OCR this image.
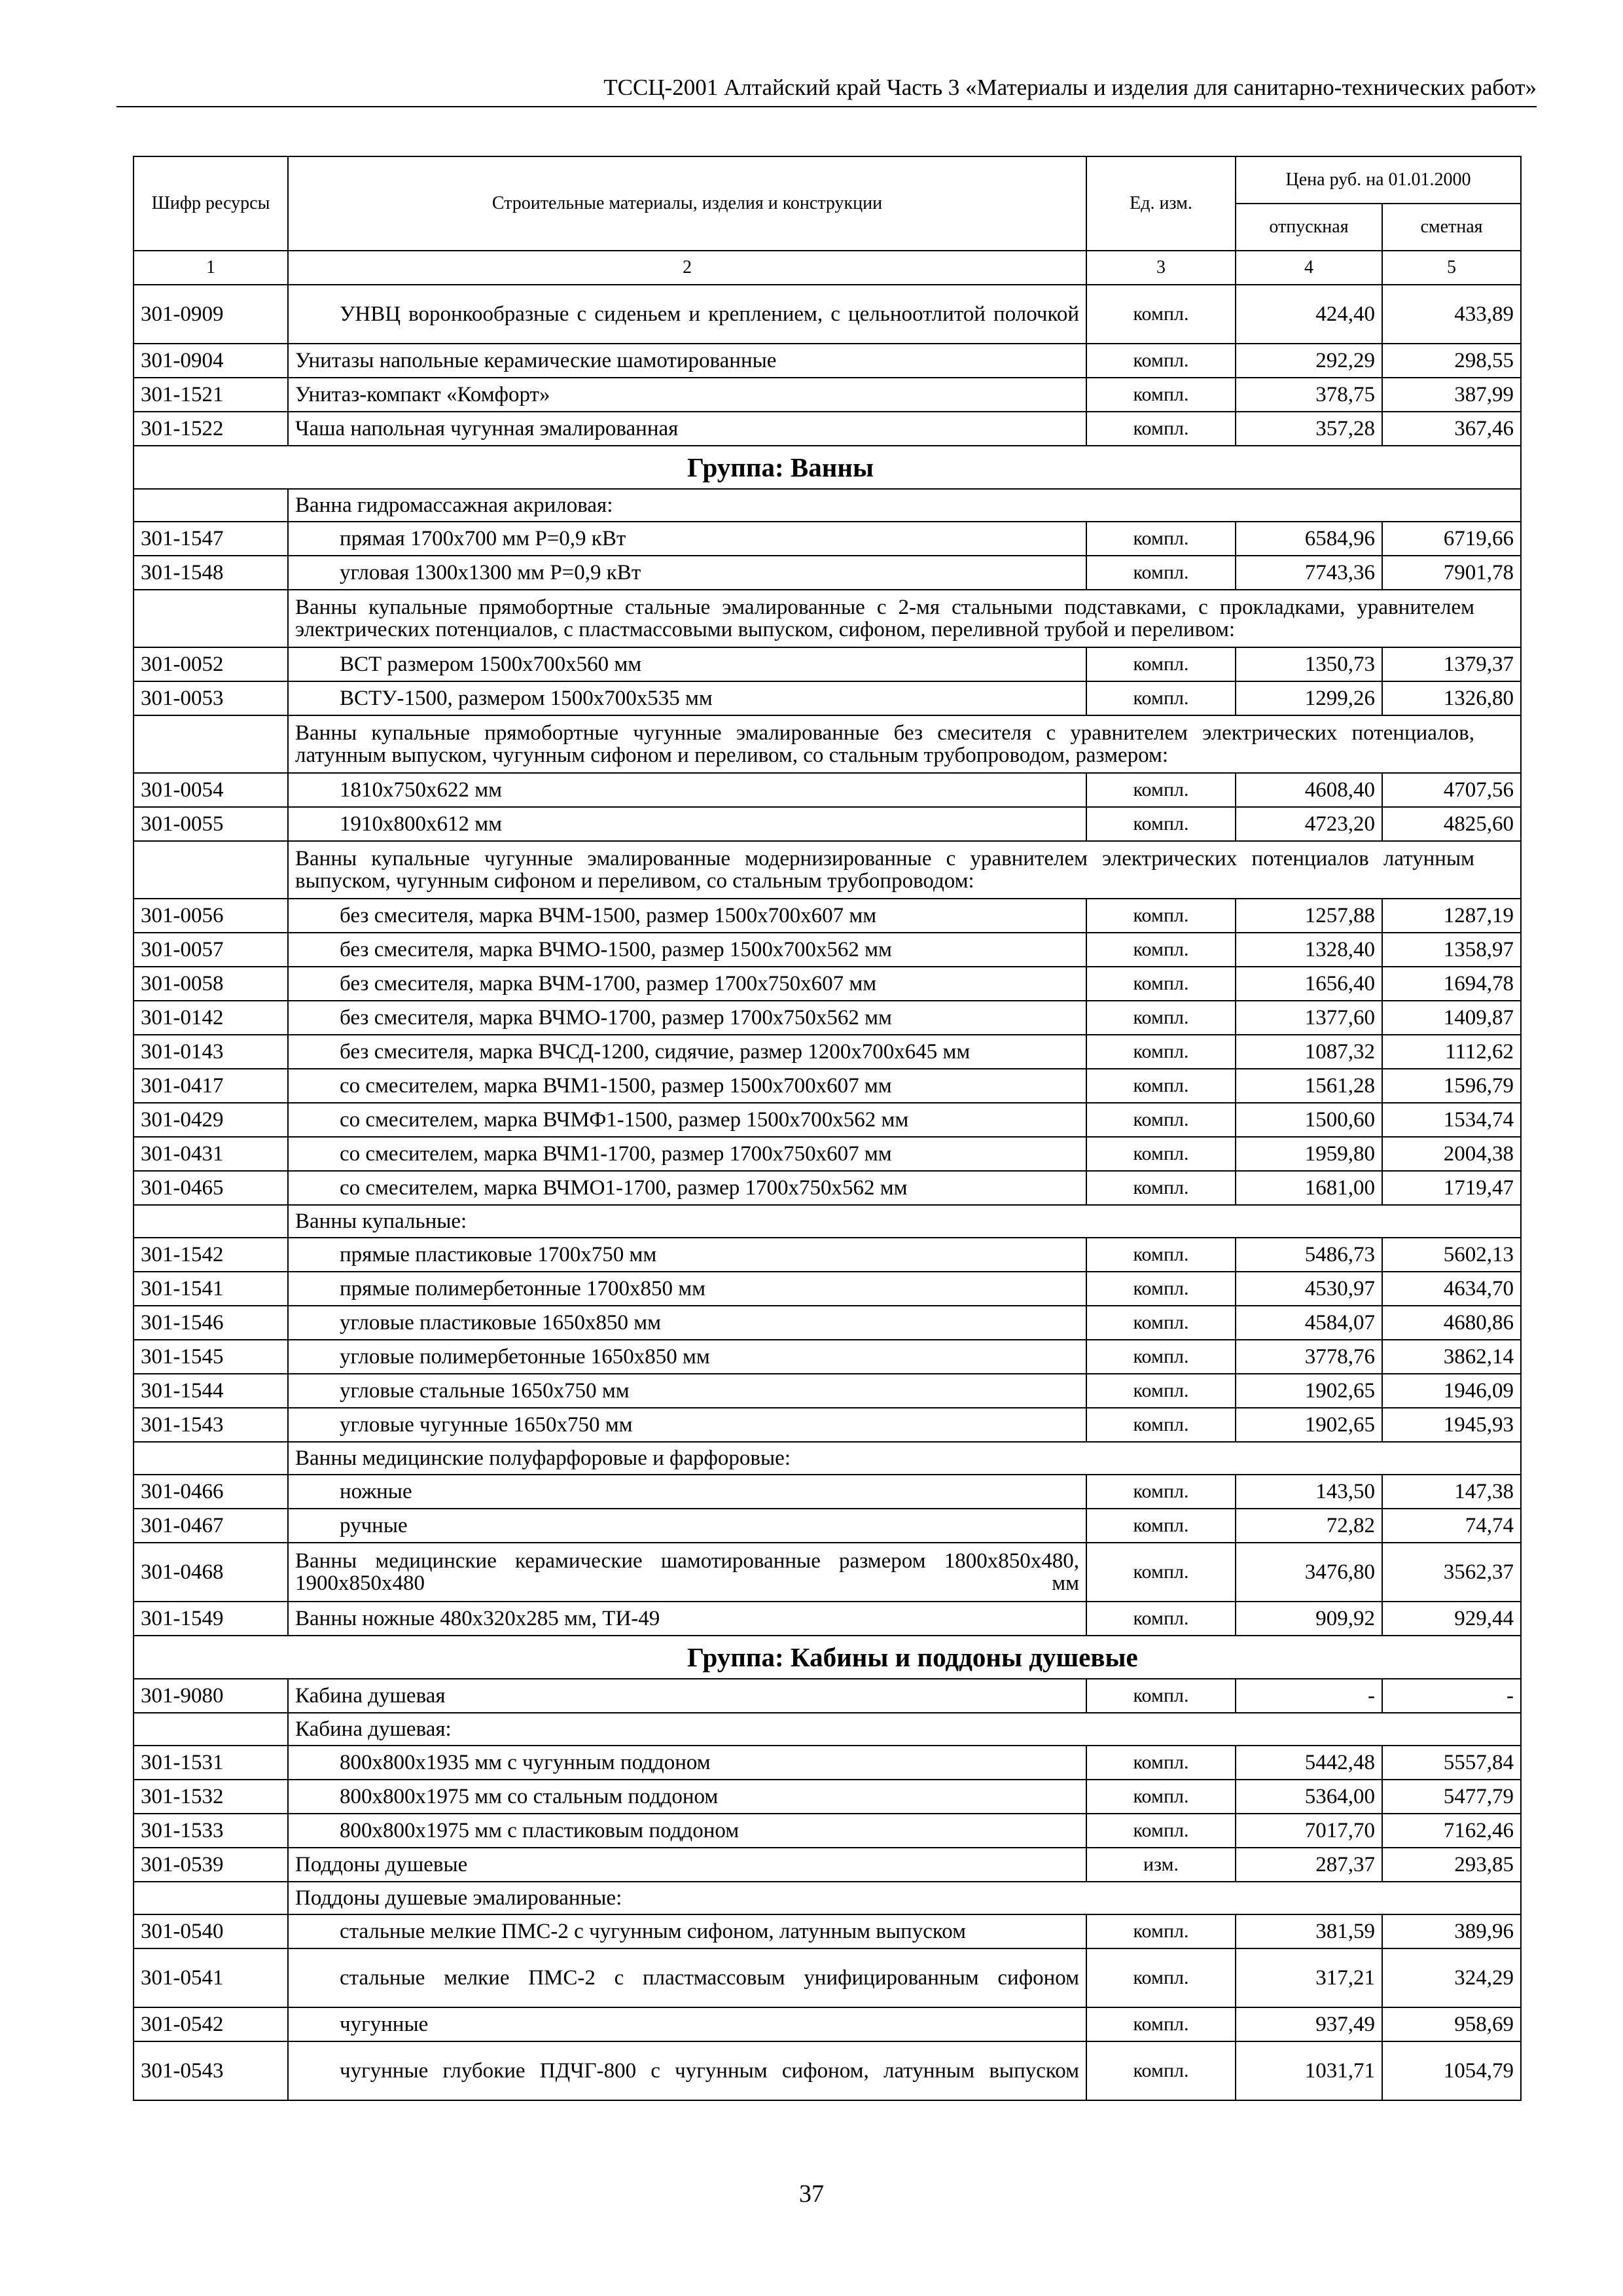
ТССЦ-2001 Алтайский край Часть 3 «Материалы и изделия для санитарно-технических работ»
Шифр ресурсы	Строительные материалы, изделия и конструкции	Ед. изм.	Цена руб. на 01.01.2000	
			отпускная	сметная
1	2	3	4	5
301-0909	УНВЦ воронкообразные с сиденьем и креплением, с цельноотлитой полочкой	компл.	424,40	433,89
301-0904	Унитазы напольные керамические шамотированные	компл.	292,29	298,55
301-1521	Унитаз-компакт «Комфорт»	компл.	378,75	387,99
301-1522	Чаша напольная чугунная эмалированная	компл.	357,28	367,46
	Группа: Ванны			
	Ванна гидромассажная акриловая:			
301-1547	прямая 1700x700 мм Р=0,9 кВт	компл.	6584,96	6719,66
301-1548	угловая 1300x1300 мм Р=0,9 кВт	компл.	7743,36	7901,78
	Ванны купальные прямобортные стальные эмалированные с 2-мя стальными подставками, с прокладками, уравнителем электрических потенциалов, с пластмассовыми выпуском, сифоном, переливной трубой и переливом:			
301-0052	ВСТ размером 1500x700x560 мм	компл.	1350,73	1379,37
301-0053	ВСТУ-1500, размером 1500x700x535 мм	компл.	1299,26	1326,80
	Ванны купальные прямобортные чугунные эмалированные без смесителя с уравнителем электрических потенциалов, латунным выпуском, чугунным сифоном и переливом, со стальным трубопроводом, размером:			
301-0054	1810x750x622 мм	компл.	4608,40	4707,56
301-0055	1910x800x612 мм	компл.	4723,20	4825,60
	Ванны купальные чугунные эмалированные модернизированные с уравнителем электрических потенциалов латунным выпуском, чугунным сифоном и переливом, со стальным трубопроводом:			
301-0056	без смесителя, марка ВЧМ-1500, размер 1500x700x607 мм	компл.	1257,88	1287,19
301-0057	без смесителя, марка ВЧМО-1500, размер 1500x700x562 мм	компл.	1328,40	1358,97
301-0058	без смесителя, марка ВЧМ-1700, размер 1700x750x607 мм	компл.	1656,40	1694,78
301-0142	без смесителя, марка ВЧМО-1700, размер 1700x750x562 мм	компл.	1377,60	1409,87
301-0143	без смесителя, марка ВЧСД-1200, сидячие, размер 1200x700x645 мм	компл.	1087,32	1112,62
301-0417	со смесителем, марка ВЧМ1-1500, размер 1500x700x607 мм	компл.	1561,28	1596,79
301-0429	со смесителем, марка ВЧМФ1-1500, размер 1500x700x562 мм	компл.	1500,60	1534,74
301-0431	со смесителем, марка ВЧМ1-1700, размер 1700x750x607 мм	компл.	1959,80	2004,38
301-0465	со смесителем, марка ВЧМО1-1700, размер 1700x750x562 мм	компл.	1681,00	1719,47
	Ванны купальные:			
301-1542	прямые пластиковые 1700x750 мм	компл.	5486,73	5602,13
301-1541	прямые полимербетонные 1700x850 мм	компл.	4530,97	4634,70
301-1546	угловые пластиковые 1650x850 мм	компл.	4584,07	4680,86
301-1545	угловые полимербетонные 1650x850 мм	компл.	3778,76	3862,14
301-1544	угловые стальные 1650x750 мм	компл.	1902,65	1946,09
301-1543	угловые чугунные 1650x750 мм	компл.	1902,65	1945,93
	Ванны медицинские полуфарфоровые и фарфоровые:			
301-0466	ножные	компл.	143,50	147,38
301-0467	ручные	компл.	72,82	74,74
301-0468	Ванны медицинские керамические шамотированные размером 1800x850x480, 1900x850x480 мм	компл.	3476,80	3562,37
301-1549	Ванны ножные 480x320x285 мм, ТИ-49	компл.	909,92	929,44
	Группа: Кабины и поддоны душевые			
301-9080	Кабина душевая	компл.	-	-
	Кабина душевая:			
301-1531	800x800x1935 мм с чугунным поддоном	компл.	5442,48	5557,84
301-1532	800x800x1975 мм со стальным поддоном	компл.	5364,00	5477,79
301-1533	800x800x1975 мм с пластиковым поддоном	компл.	7017,70	7162,46
301-0539	Поддоны душевые	изм.	287,37	293,85
	Поддоны душевые эмалированные:			
301-0540	стальные мелкие ПМС-2 с чугунным сифоном, латунным выпуском	компл.	381,59	389,96
301-0541	стальные мелкие ПМС-2 с пластмассовым унифицированным сифоном	компл.	317,21	324,29
301-0542	чугунные	компл.	937,49	958,69
301-0543	чугунные глубокие ПДЧГ-800 с чугунным сифоном, латунным выпуском	компл.	1031,71	1054,79
37
